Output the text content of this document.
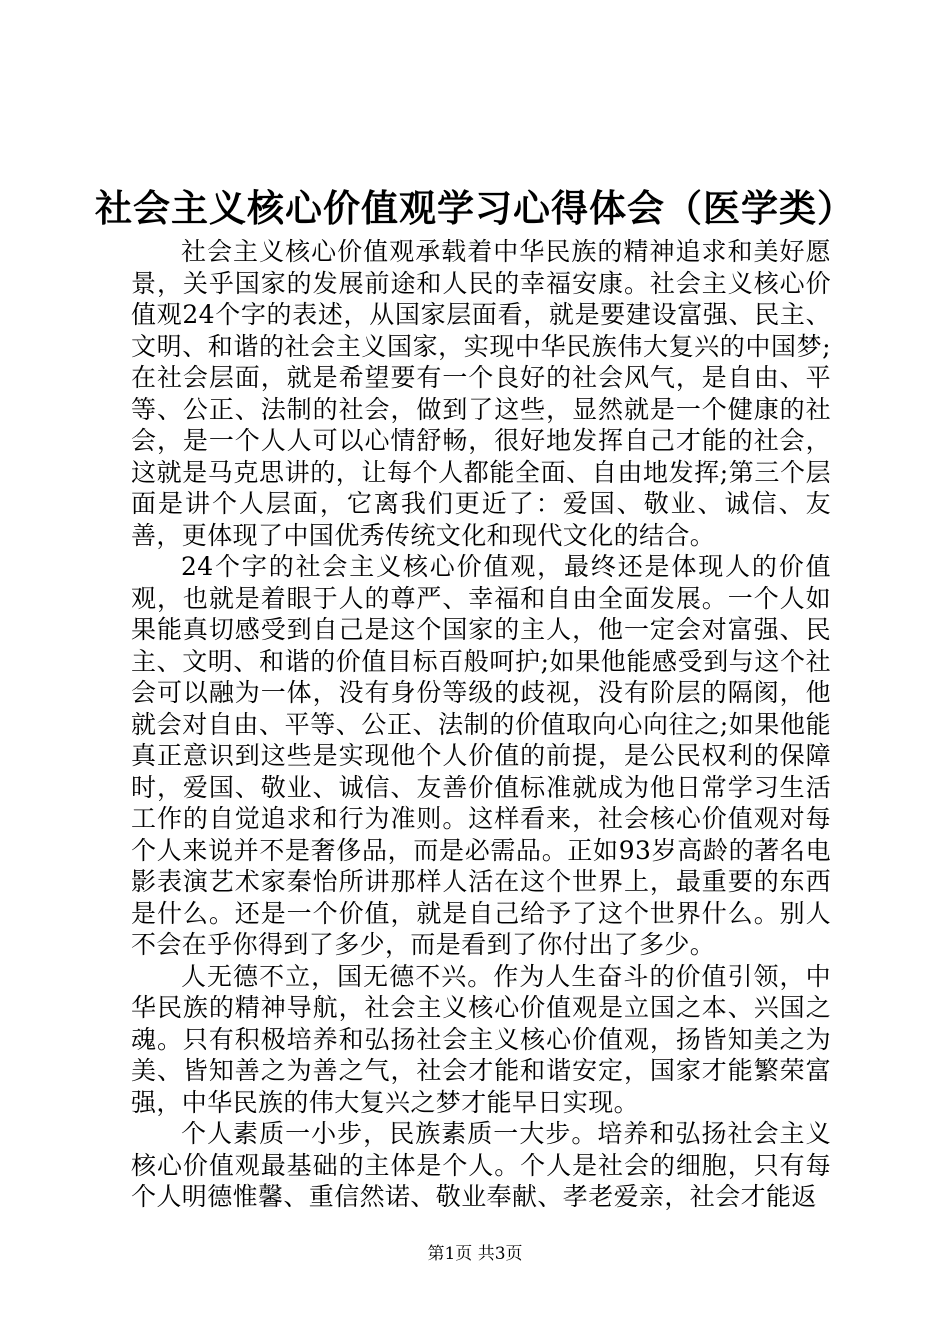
社会主义核心价值观学习心得体会（医学类）

社会主义核心价值观承载着中华民族的精神追求和美好愿景，关乎国家的发展前途和人民的幸福安康。社会主义核心价值观24个字的表述，从国家层面看，就是要建设富强、民主、文明、和谐的社会主义国家，实现中华民族伟大复兴的中国梦;在社会层面，就是希望要有一个良好的社会风气，是自由、平等、公正、法制的社会，做到了这些，显然就是一个健康的社会，是一个人人可以心情舒畅，很好地发挥自己才能的社会，这就是马克思讲的，让每个人都能全面、自由地发挥;第三个层面是讲个人层面，它离我们更近了：爱国、敬业、诚信、友善，更体现了中国优秀传统文化和现代文化的结合。

24个字的社会主义核心价值观，最终还是体现人的价值观，也就是着眼于人的尊严、幸福和自由全面发展。一个人如果能真切感受到自己是这个国家的主人，他一定会对富强、民主、文明、和谐的价值目标百般呵护;如果他能感受到与这个社会可以融为一体，没有身份等级的歧视，没有阶层的隔阂，他就会对自由、平等、公正、法制的价值取向心向往之;如果他能真正意识到这些是实现他个人价值的前提，是公民权利的保障时，爱国、敬业、诚信、友善价值标准就成为他日常学习生活工作的自觉追求和行为准则。这样看来，社会核心价值观对每个人来说并不是奢侈品，而是必需品。正如93岁高龄的著名电影表演艺术家秦怡所讲那样人活在这个世界上，最重要的东西是什么。还是一个价值，就是自己给予了这个世界什么。别人不会在乎你得到了多少，而是看到了你付出了多少。

人无德不立，国无德不兴。作为人生奋斗的价值引领，中华民族的精神导航，社会主义核心价值观是立国之本、兴国之魂。只有积极培养和弘扬社会主义核心价值观，扬皆知美之为美、皆知善之为善之气，社会才能和谐安定，国家才能繁荣富强，中华民族的伟大复兴之梦才能早日实现。

个人素质一小步，民族素质一大步。培养和弘扬社会主义核心价值观最基础的主体是个人。个人是社会的细胞，只有每个人明德惟馨、重信然诺、敬业奉献、孝老爱亲，社会才能返

第1页 共3页
